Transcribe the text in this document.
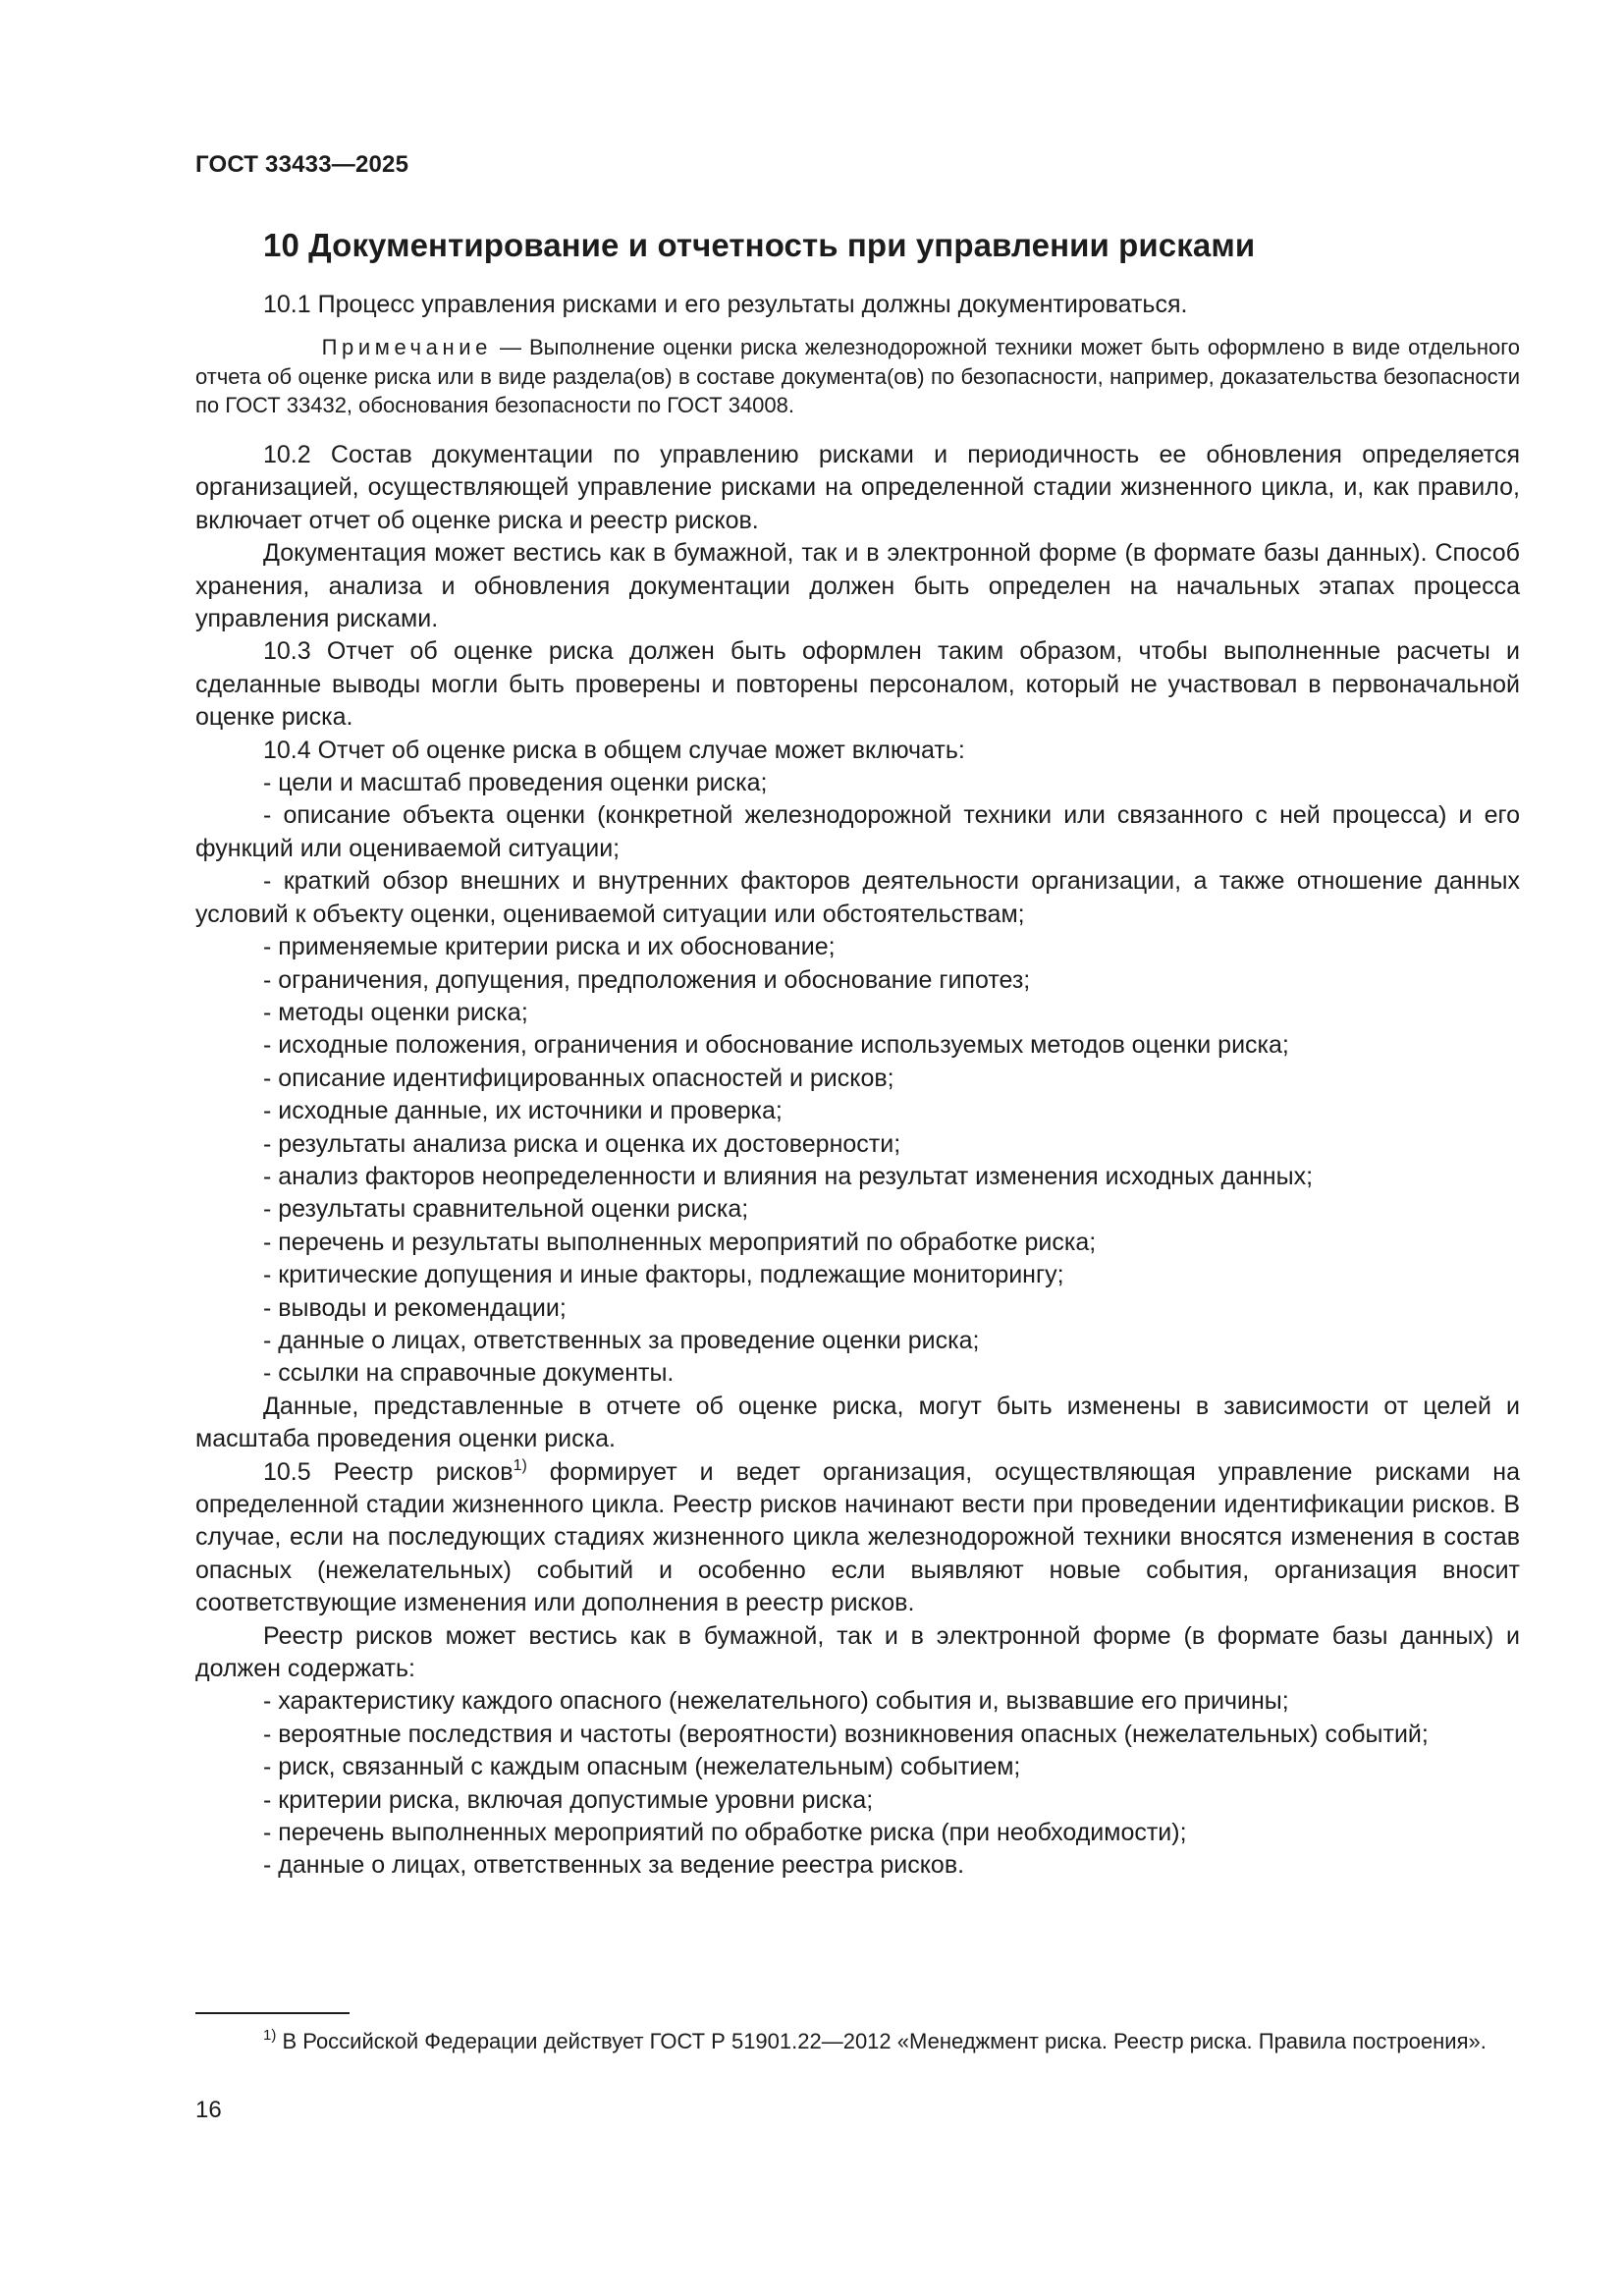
ГОСТ 33433—2025
10 Документирование и отчетность при управлении рисками
10.1 Процесс управления рисками и его результаты должны документироваться.
Примечание — Выполнение оценки риска железнодорожной техники может быть оформлено в виде отдельного отчета об оценке риска или в виде раздела(ов) в составе документа(ов) по безопасности, например, доказательства безопасности по ГОСТ 33432, обоснования безопасности по ГОСТ 34008.

10.2 Состав документации по управлению рисками и периодичность ее обновления определяется организацией, осуществляющей управление рисками на определенной стадии жизненного цикла, и, как правило, включает отчет об оценке риска и реестр рисков.

Документация может вестись как в бумажной, так и в электронной форме (в формате базы данных). Способ хранения, анализа и обновления документации должен быть определен на начальных этапах процесса управления рисками.

10.3 Отчет об оценке риска должен быть оформлен таким образом, чтобы выполненные расчеты и сделанные выводы могли быть проверены и повторены персоналом, который не участвовал в первоначальной оценке риска.

10.4 Отчет об оценке риска в общем случае может включать:

- цели и масштаб проведения оценки риска;

- описание объекта оценки (конкретной железнодорожной техники или связанного с ней процесса) и его функций или оцениваемой ситуации;

- краткий обзор внешних и внутренних факторов деятельности организации, а также отношение данных условий к объекту оценки, оцениваемой ситуации или обстоятельствам;

- применяемые критерии риска и их обоснование;

- ограничения, допущения, предположения и обоснование гипотез;

- методы оценки риска;

- исходные положения, ограничения и обоснование используемых методов оценки риска;

- описание идентифицированных опасностей и рисков;

- исходные данные, их источники и проверка;

- результаты анализа риска и оценка их достоверности;

- анализ факторов неопределенности и влияния на результат изменения исходных данных;

- результаты сравнительной оценки риска;

- перечень и результаты выполненных мероприятий по обработке риска;

- критические допущения и иные факторы, подлежащие мониторингу;

- выводы и рекомендации;

- данные о лицах, ответственных за проведение оценки риска;

- ссылки на справочные документы.

Данные, представленные в отчете об оценке риска, могут быть изменены в зависимости от целей и масштаба проведения оценки риска.

10.5 Реестр рисков$^{1)}$ формирует и ведет организация, осуществляющая управление рисками на определенной стадии жизненного цикла. Реестр рисков начинают вести при проведении идентификации рисков. В случае, если на последующих стадиях жизненного цикла железнодорожной техники вносятся изменения в состав опасных (нежелательных) событий и особенно если выявляют новые события, организация вносит соответствующие изменения или дополнения в реестр рисков.

Реестр рисков может вестись как в бумажной, так и в электронной форме (в формате базы данных) и должен содержать:

- характеристику каждого опасного (нежелательного) события и, вызвавшие его причины;

- вероятные последствия и частоты (вероятности) возникновения опасных (нежелательных) событий;

- риск, связанный с каждым опасным (нежелательным) событием;

- критерии риска, включая допустимые уровни риска;

- перечень выполненных мероприятий по обработке риска (при необходимости);

- данные о лицах, ответственных за ведение реестра рисков.

$^{1)}$ В Российской Федерации действует ГОСТ Р 51901.22—2012 «Менеджмент риска. Реестр риска. Правила построения».
16
